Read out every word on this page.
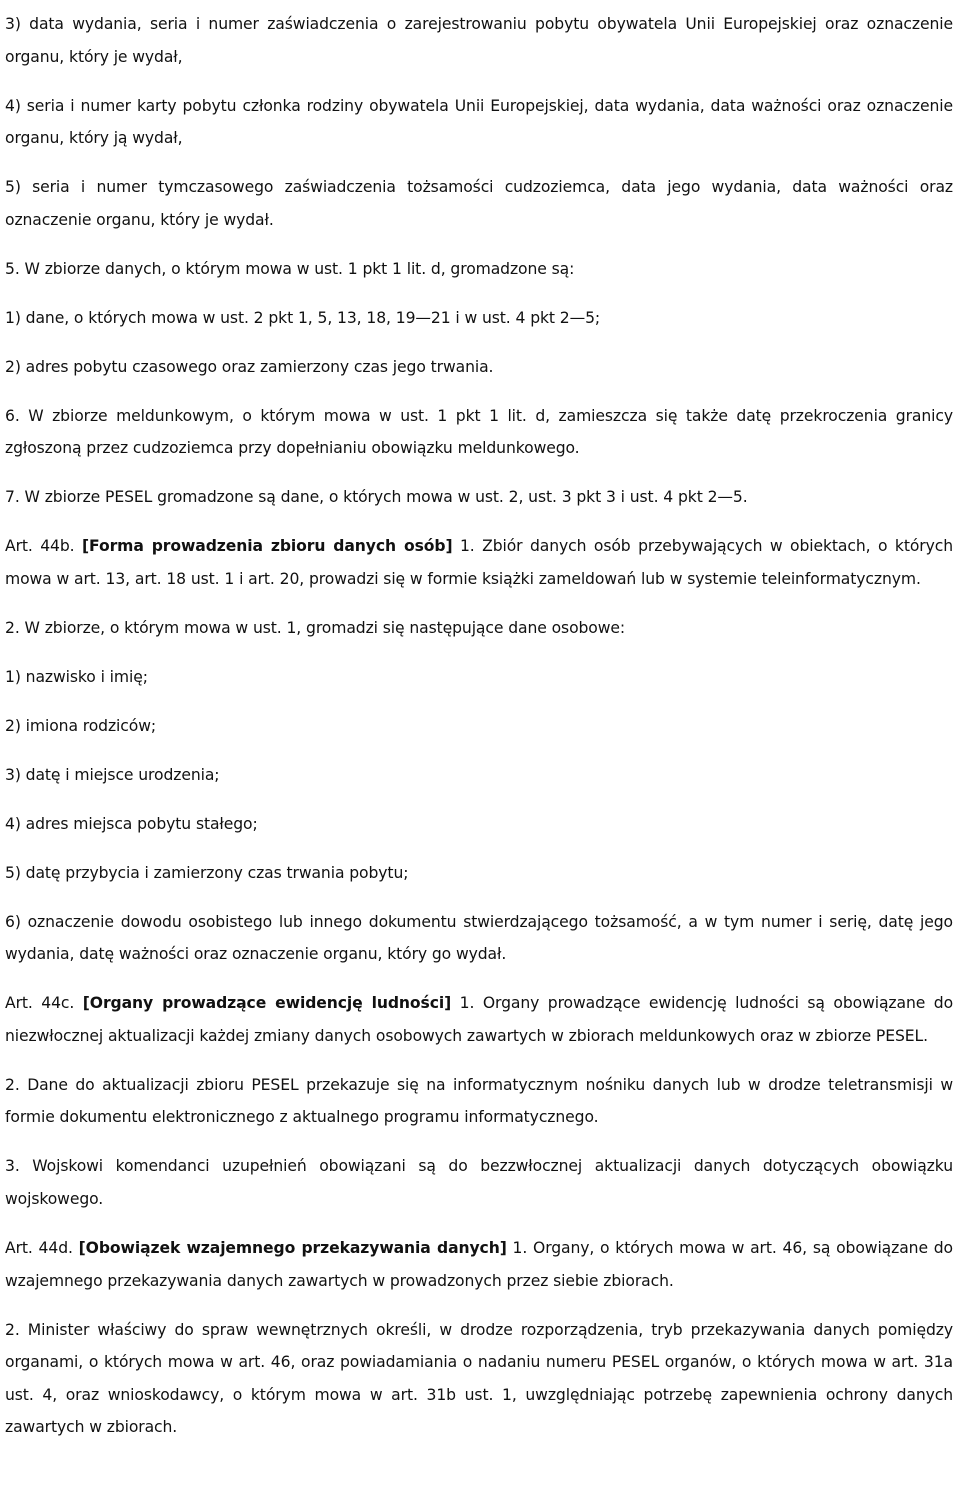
3) data wydania, seria i numer zaświadczenia o zarejestrowaniu pobytu obywatela Unii Europejskiej oraz oznaczenie organu, który je wydał,

4) seria i numer karty pobytu członka rodziny obywatela Unii Europejskiej, data wydania, data ważności oraz oznaczenie organu, który ją wydał,

5) seria i numer tymczasowego zaświadczenia tożsamości cudzoziemca, data jego wydania, data ważności oraz oznaczenie organu, który je wydał.

5. W zbiorze danych, o którym mowa w ust. 1 pkt 1 lit. d, gromadzone są:

1) dane, o których mowa w ust. 2 pkt 1, 5, 13, 18, 19—21 i w ust. 4 pkt 2—5;

2) adres pobytu czasowego oraz zamierzony czas jego trwania.

6. W zbiorze meldunkowym, o którym mowa w ust. 1 pkt 1 lit. d, zamieszcza się także datę przekroczenia granicy zgłoszoną przez cudzoziemca przy dopełnianiu obowiązku meldunkowego.

7. W zbiorze PESEL gromadzone są dane, o których mowa w ust. 2, ust. 3 pkt 3 i ust. 4 pkt 2—5.

Art. 44b. [Forma prowadzenia zbioru danych osób] 1. Zbiór danych osób przebywających w obiektach, o których mowa w art. 13, art. 18 ust. 1 i art. 20, prowadzi się w formie książki zameldowań lub w systemie teleinformatycznym.

2. W zbiorze, o którym mowa w ust. 1, gromadzi się następujące dane osobowe:

1) nazwisko i imię;

2) imiona rodziców;

3) datę i miejsce urodzenia;

4) adres miejsca pobytu stałego;

5) datę przybycia i zamierzony czas trwania pobytu;

6) oznaczenie dowodu osobistego lub innego dokumentu stwierdzającego tożsamość, a w tym numer i serię, datę jego wydania, datę ważności oraz oznaczenie organu, który go wydał.

Art. 44c. [Organy prowadzące ewidencję ludności] 1. Organy prowadzące ewidencję ludności są obowiązane do niezwłocznej aktualizacji każdej zmiany danych osobowych zawartych w zbiorach meldunkowych oraz w zbiorze PESEL.

2. Dane do aktualizacji zbioru PESEL przekazuje się na informatycznym nośniku danych lub w drodze teletransmisji w formie dokumentu elektronicznego z aktualnego programu informatycznego.

3. Wojskowi komendanci uzupełnień obowiązani są do bezzwłocznej aktualizacji danych dotyczących obowiązku wojskowego.

Art. 44d. [Obowiązek wzajemnego przekazywania danych] 1. Organy, o których mowa w art. 46, są obowiązane do wzajemnego przekazywania danych zawartych w prowadzonych przez siebie zbiorach.

2. Minister właściwy do spraw wewnętrznych określi, w drodze rozporządzenia, tryb przekazywania danych pomiędzy organami, o których mowa w art. 46, oraz powiadamiania o nadaniu numeru PESEL organów, o których mowa w art. 31a ust. 4, oraz wnioskodawcy, o którym mowa w art. 31b ust. 1, uwzględniając potrzebę zapewnienia ochrony danych zawartych w zbiorach.
